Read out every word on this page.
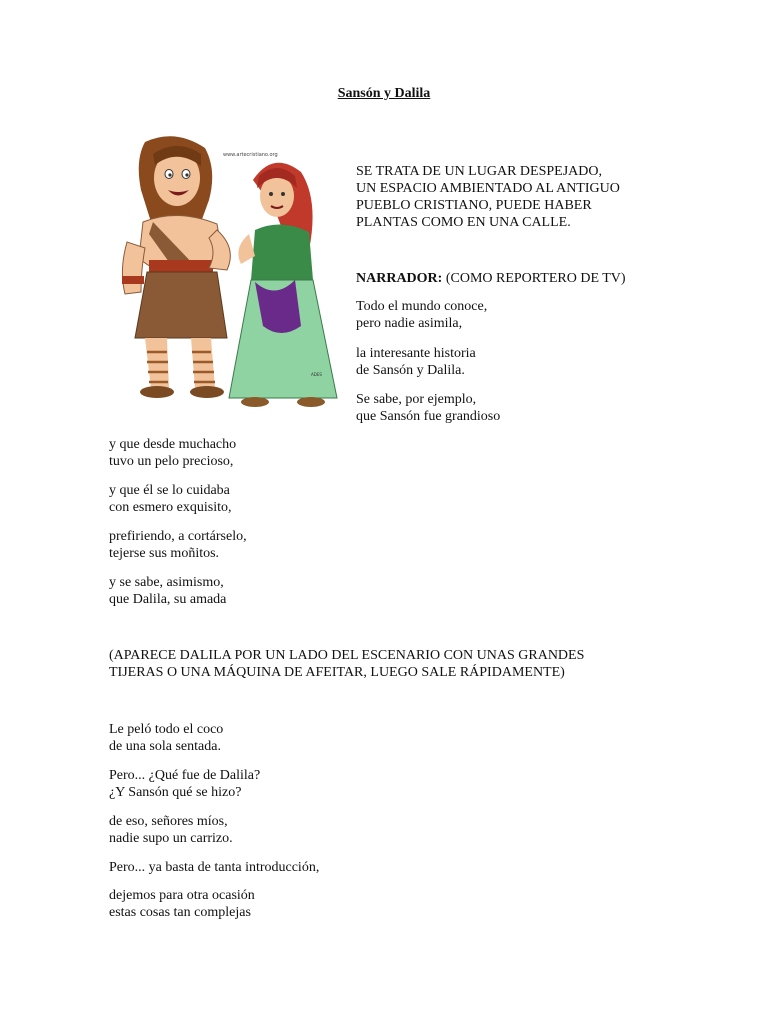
Sansón y Dalila
www.artecristiano.org
ADES

SE TRATA DE UN LUGAR DESPEJADO,

UN ESPACIO AMBIENTADO AL ANTIGUO

PUEBLO CRISTIANO, PUEDE HABER

PLANTAS COMO EN UNA CALLE.

NARRADOR: (COMO REPORTERO DE TV)

Todo el mundo conoce,

pero nadie asimila,

la interesante historia

de Sansón y Dalila.

Se sabe, por ejemplo,

que Sansón fue grandioso

y que desde muchacho

tuvo un pelo precioso,

y que él se lo cuidaba

con esmero exquisito,

prefiriendo, a cortárselo,

tejerse sus moñitos.

y se sabe, asimismo,

que Dalila, su amada

(APARECE DALILA POR UN LADO DEL ESCENARIO CON UNAS GRANDES

TIJERAS O UNA MÁQUINA DE AFEITAR, LUEGO SALE RÁPIDAMENTE)

Le peló todo el coco

de una sola sentada.

Pero... ¿Qué fue de Dalila?

¿Y Sansón qué se hizo?

de eso, señores míos,

nadie supo un carrizo.

Pero... ya basta de tanta introducción,

dejemos para otra ocasión

estas cosas tan complejas
